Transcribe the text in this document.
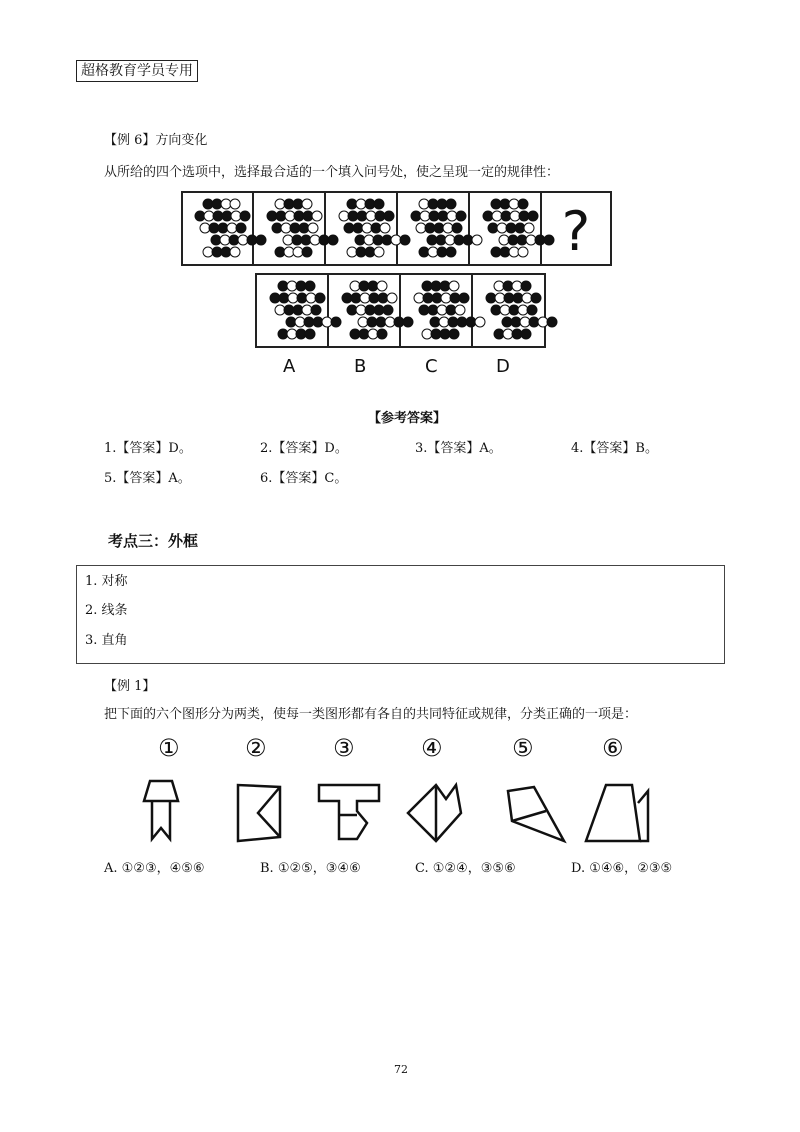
超格教育学员专用
【例 6】方向变化
从所给的四个选项中，选择最合适的一个填入问号处，使之呈现一定的规律性：
?
A	B	C	D
【参考答案】
1.【答案】D。	2.【答案】D。	3.【答案】A。	4.【答案】B。
5.【答案】A。	6.【答案】C。
考点三：外框
1. 对称
2. 线条
3. 直角
【例 1】
把下面的六个图形分为两类，使每一类图形都有各自的共同特征或规律，分类正确的一项是：
①	②	③	④	⑤	⑥
A. ①②③，④⑤⑥	B. ①②⑤，③④⑥	C. ①②④，③⑤⑥	D. ①④⑥，②③⑤
72
